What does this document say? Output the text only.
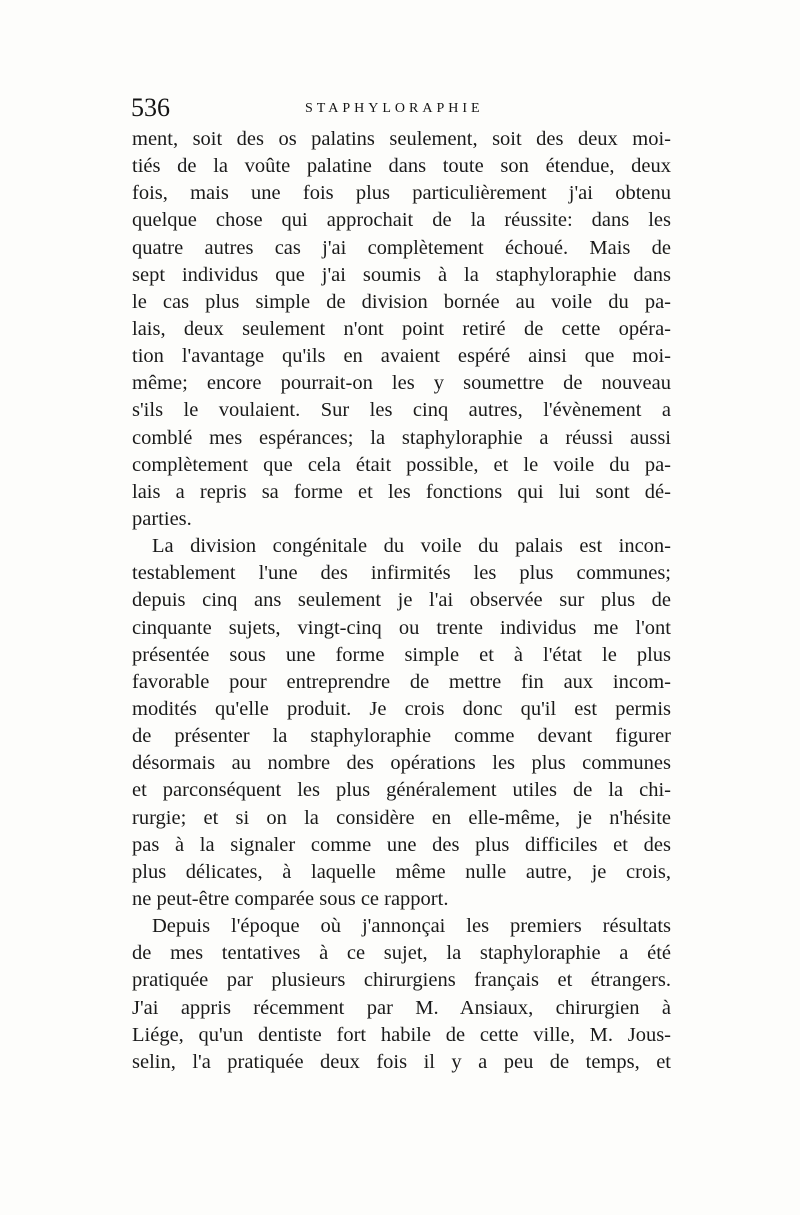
536	STAPHYLORAPHIE
ment, soit des os palatins seulement, soit des deux moi-
tiés de la voûte palatine dans toute son étendue, deux
fois, mais une fois plus particulièrement j'ai obtenu
quelque chose qui approchait de la réussite: dans les
quatre autres cas j'ai complètement échoué. Mais de
sept individus que j'ai soumis à la staphyloraphie dans
le cas plus simple de division bornée au voile du pa-
lais, deux seulement n'ont point retiré de cette opéra-
tion l'avantage qu'ils en avaient espéré ainsi que moi-
même; encore pourrait-on les y soumettre de nouveau
s'ils le voulaient. Sur les cinq autres, l'évènement a
comblé mes espérances; la staphyloraphie a réussi aussi
complètement que cela était possible, et le voile du pa-
lais a repris sa forme et les fonctions qui lui sont dé-
parties.
La division congénitale du voile du palais est incon-
testablement l'une des infirmités les plus communes;
depuis cinq ans seulement je l'ai observée sur plus de
cinquante sujets, vingt-cinq ou trente individus me l'ont
présentée sous une forme simple et à l'état le plus
favorable pour entreprendre de mettre fin aux incom-
modités qu'elle produit. Je crois donc qu'il est permis
de présenter la staphyloraphie comme devant figurer
désormais au nombre des opérations les plus communes
et parconséquent les plus généralement utiles de la chi-
rurgie; et si on la considère en elle-même, je n'hésite
pas à la signaler comme une des plus difficiles et des
plus délicates, à laquelle même nulle autre, je crois,
ne peut-être comparée sous ce rapport.
Depuis l'époque où j'annonçai les premiers résultats
de mes tentatives à ce sujet, la staphyloraphie a été
pratiquée par plusieurs chirurgiens français et étrangers.
J'ai appris récemment par M. Ansiaux, chirurgien à
Liége, qu'un dentiste fort habile de cette ville, M. Jous-
selin, l'a pratiquée deux fois il y a peu de temps, et
